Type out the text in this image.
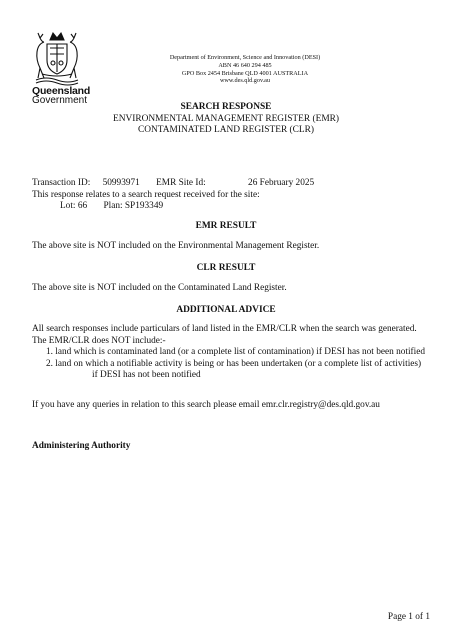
Queensland
Government
Department of Environment, Science and Innovation (DESI)
ABN 46 640 294 485
GPO Box 2454 Brisbane QLD 4001 AUSTRALIA
www.des.qld.gov.au
SEARCH RESPONSE
ENVIRONMENTAL MANAGEMENT REGISTER (EMR)
CONTAMINATED LAND REGISTER (CLR)
Transaction ID: 50993971 EMR Site Id:	26 February 2025
This response relates to a search request received for the site:
Lot: 66 Plan: SP193349
EMR RESULT
The above site is NOT included on the Environmental Management Register.
CLR RESULT
The above site is NOT included on the Contaminated Land Register.
ADDITIONAL ADVICE
All search responses include particulars of land listed in the EMR/CLR when the search was generated.
The EMR/CLR does NOT include:-
1. land which is contaminated land (or a complete list of contamination) if DESI has not been notified
2. land on which a notifiable activity is being or has been undertaken (or a complete list of activities)
if DESI has not been notified
If you have any queries in relation to this search please email emr.clr.registry@des.qld.gov.au
Administering Authority
Page 1 of 1
